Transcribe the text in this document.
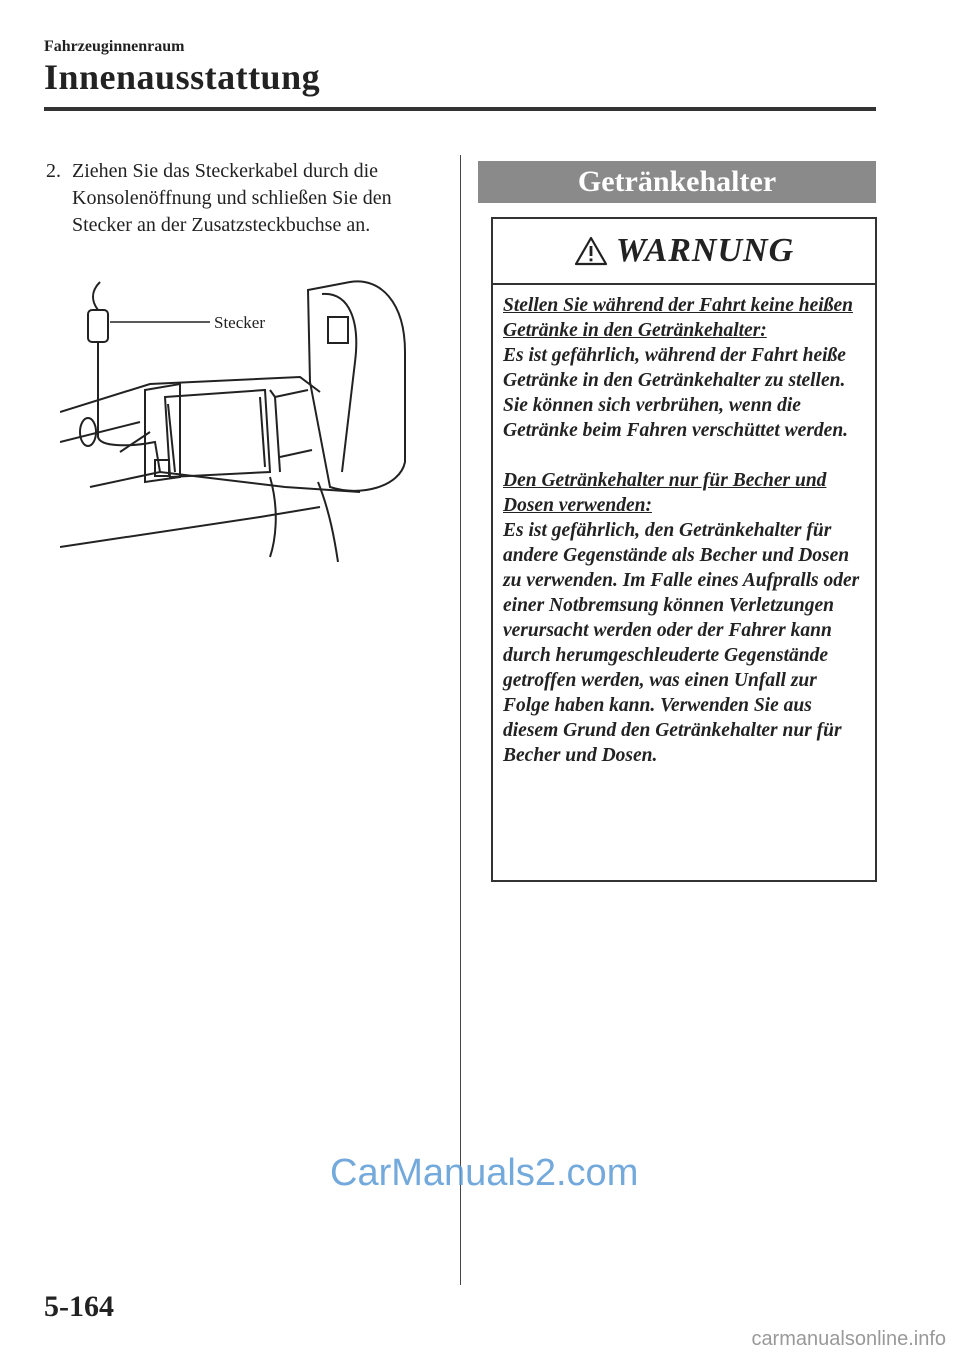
Fahrzeuginnenraum
Innenausstattung
2. Ziehen Sie das Steckerkabel durch die Konsolenöffnung und schließen Sie den Stecker an der Zusatzsteckbuchse an.
Stecker
Getränkehalter
WARNUNG

Stellen Sie während der Fahrt keine heißen Getränke in den Getränkehalter:

Es ist gefährlich, während der Fahrt heiße Getränke in den Getränkehalter zu stellen. Sie können sich verbrühen, wenn die Getränke beim Fahren verschüttet werden.

Den Getränkehalter nur für Becher und Dosen verwenden:

Es ist gefährlich, den Getränkehalter für andere Gegenstände als Becher und Dosen zu verwenden. Im Falle eines Aufpralls oder einer Notbremsung können Verletzungen verursacht werden oder der Fahrer kann durch herumgeschleuderte Gegenstände getroffen werden, was einen Unfall zur Folge haben kann. Verwenden Sie aus diesem Grund den Getränkehalter nur für Becher und Dosen.

CarManuals2.com
5-164
carmanualsonline.info
